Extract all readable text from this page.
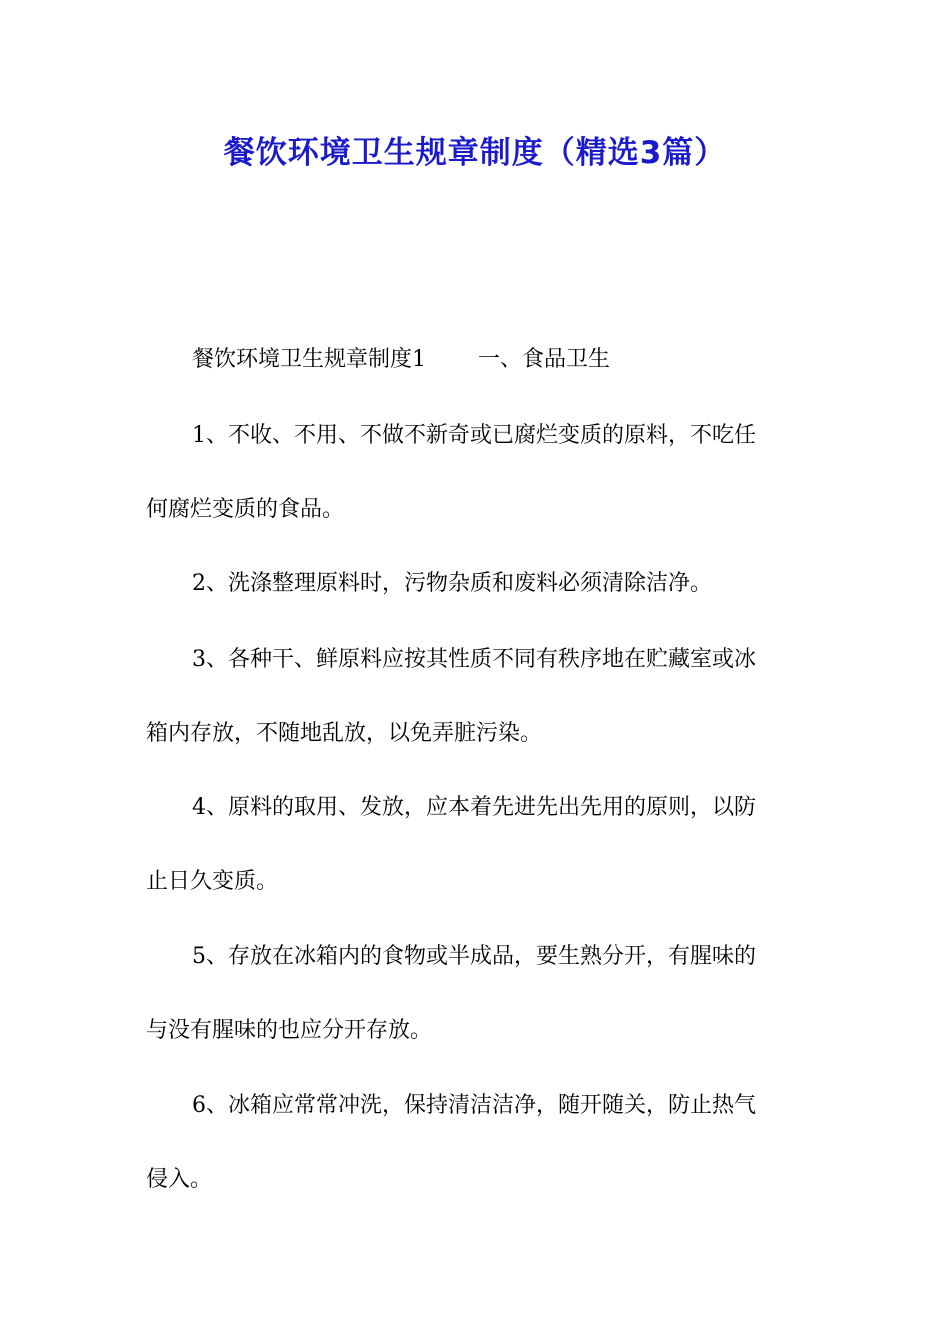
餐饮环境卫生规章制度（精选3篇）
餐饮环境卫生规章制度1 一、食品卫生
1、不收、不用、不做不新奇或已腐烂变质的原料，不吃任
何腐烂变质的食品。
2、洗涤整理原料时，污物杂质和废料必须清除洁净。
3、各种干、鲜原料应按其性质不同有秩序地在贮藏室或冰
箱内存放，不随地乱放，以免弄脏污染。
4、原料的取用、发放，应本着先进先出先用的原则，以防
止日久变质。
5、存放在冰箱内的食物或半成品，要生熟分开，有腥味的
与没有腥味的也应分开存放。
6、冰箱应常常冲洗，保持清洁洁净，随开随关，防止热气
侵入。
